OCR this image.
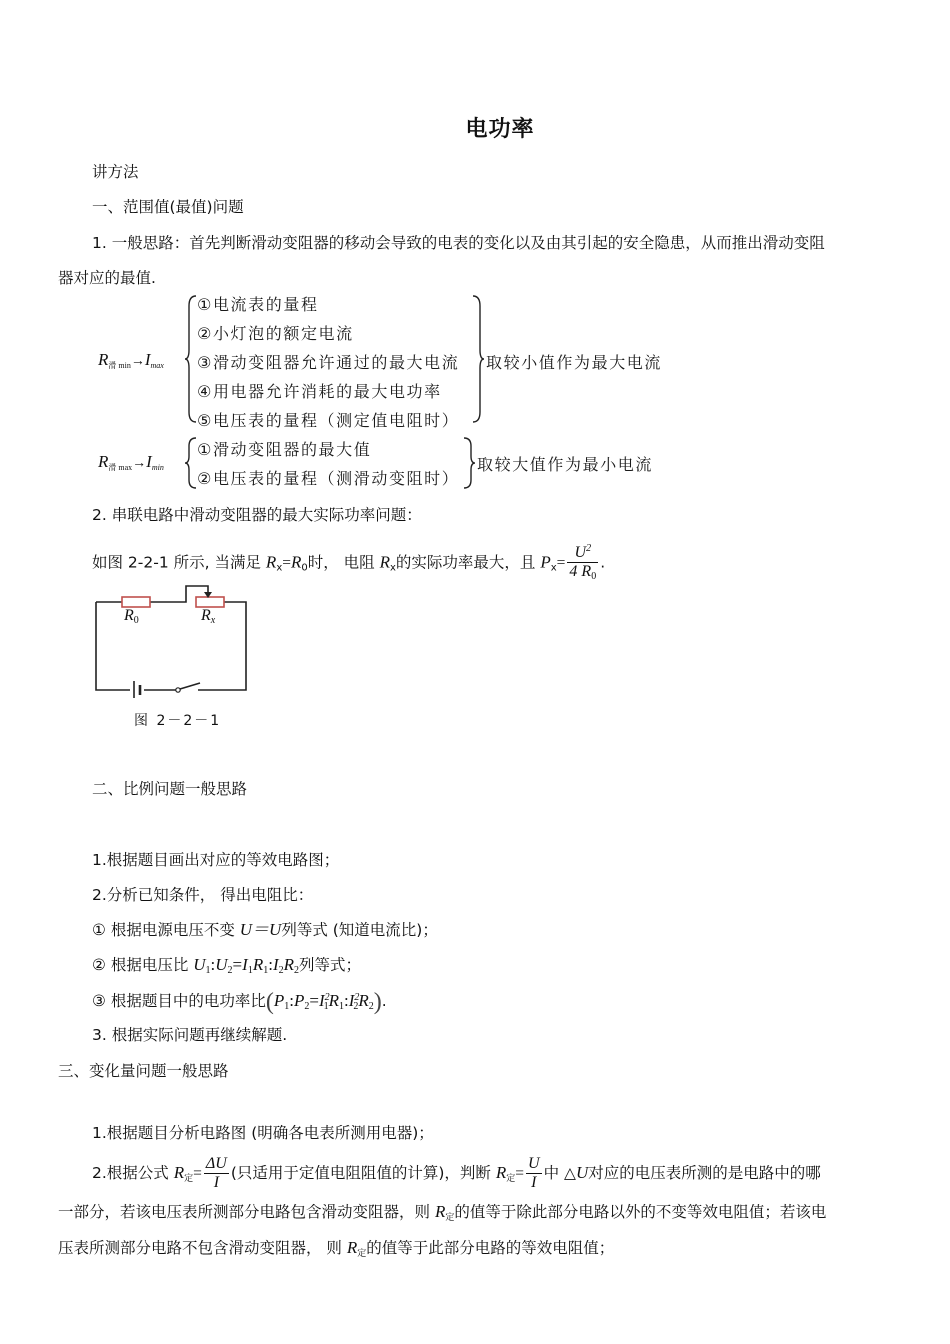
电功率
讲方法
一、范围值(最值)问题
1. 一般思路：首先判断滑动变阻器的移动会导致的电表的变化以及由其引起的安全隐患，从而推出滑动变阻
器对应的最值.
$R_{滑 min}\to Imax$
①电流表的量程
②小灯泡的额定电流
③滑动变阻器允许通过的最大电流
④用电器允许消耗的最大电功率
⑤电压表的量程（测定值电阻时）
取较小值作为最大电流
$R_{滑 max}\to Imin$
①滑动变阻器的最大值
②电压表的量程（测滑动变阻时）
取较大值作为最小电流
2. 串联电路中滑动变阻器的最大实际功率问题：
如图 2-2-1 所示, 当满足 $R_x=R_0$时， 电阻 $R_x$的实际功率最大，且 $Px= \frac{U^2}{4 R_0}$ .
$R_0$	Rx
图 2－2－1
二、比例问题一般思路
1.根据题目画出对应的等效电路图；
2.分析已知条件， 得出电阻比：
① 根据电源电压不变 U＝U列等式 (知道电流比)；
② 根据电压比 $U_1:U_2=I_1R_1:I_2R_2$列等式；
③ 根据题目中的电功率比$(P_1:P_2=I^2_1R_1:I^2_2R_2)$.
3. 根据实际问题再继续解题.
三、变化量问题一般思路
1.根据题目分析电路图 (明确各电表所测用电器)；
2.根据公式 $R_定= \frac{\Delta U}{I}$ (只适用于定值电阻阻值的计算)，判断 $R_定= \frac{U}{I}$ 中 △U对应的电压表所测的是电路中的哪
一部分，若该电压表所测部分电路包含滑动变阻器，则 $R_定$的值等于除此部分电路以外的不变等效电阻值；若该电
压表所测部分电路不包含滑动变阻器， 则 $R_定$的值等于此部分电路的等效电阻值；
